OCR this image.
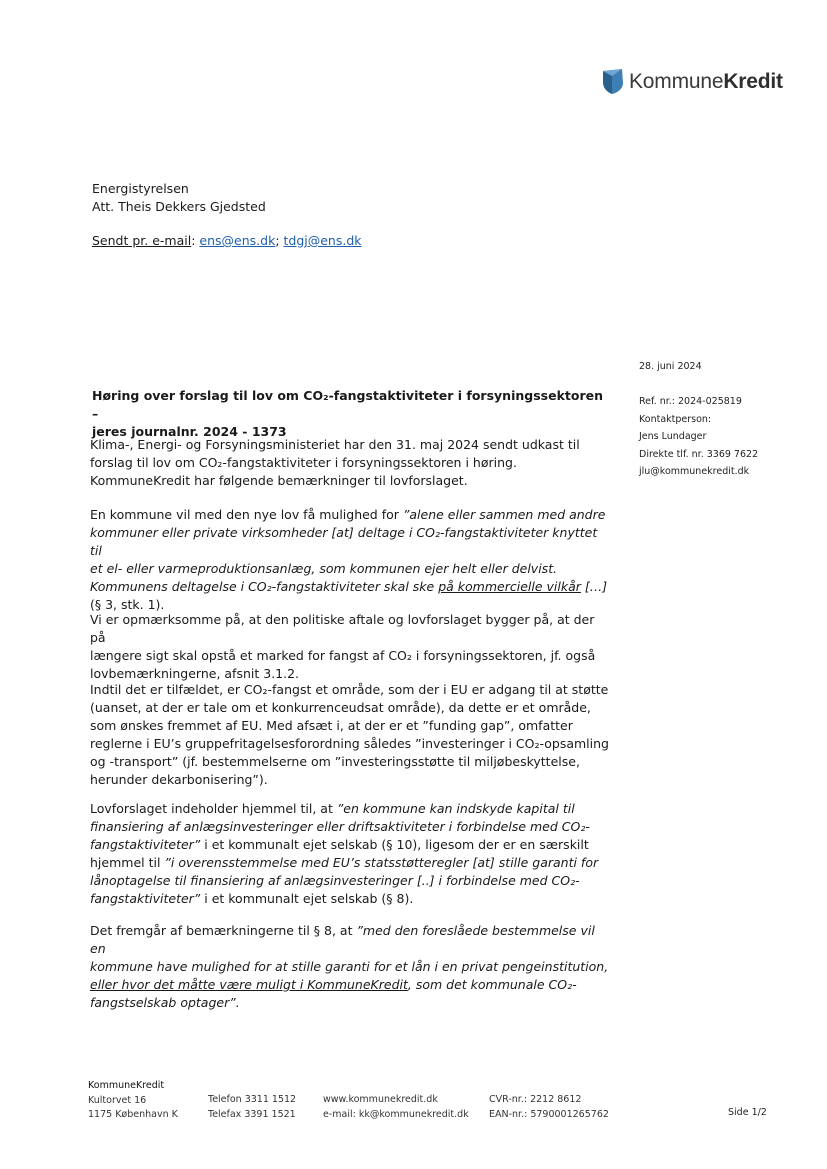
KommuneKredit
Energistyrelsen
Att. Theis Dekkers Gjedsted
Sendt pr. e-mail: ens@ens.dk; tdgj@ens.dk
28. juni 2024
Ref. nr.: 2024-025819
Kontaktperson:
Jens Lundager
Direkte tlf. nr. 3369 7622
jlu@kommunekredit.dk
Høring over forslag til lov om CO₂-fangstaktiviteter i forsyningssektoren –
jeres journalnr. 2024 - 1373

Klima-, Energi- og Forsyningsministeriet har den 31. maj 2024 sendt udkast til

forslag til lov om CO₂-fangstaktiviteter i forsyningssektoren i høring.

KommuneKredit har følgende bemærkninger til lovforslaget.

En kommune vil med den nye lov få mulighed for ”alene eller sammen med andre

kommuner eller private virksomheder [at] deltage i CO₂-fangstaktiviteter knyttet til

et el- eller varmeproduktionsanlæg, som kommunen ejer helt eller delvist.

Kommunens deltagelse i CO₂-fangstaktiviteter skal ske på kommercielle vilkår […]

(§ 3, stk. 1).

Vi er opmærksomme på, at den politiske aftale og lovforslaget bygger på, at der på

længere sigt skal opstå et marked for fangst af CO₂ i forsyningssektoren, jf. også

lovbemærkningerne, afsnit 3.1.2.

Indtil det er tilfældet, er CO₂-fangst et område, som der i EU er adgang til at støtte

(uanset, at der er tale om et konkurrenceudsat område), da dette er et område,

som ønskes fremmet af EU. Med afsæt i, at der er et ”funding gap”, omfatter

reglerne i EU’s gruppefritagelsesforordning således ”investeringer i CO₂-opsamling

og -transport” (jf. bestemmelserne om ”investeringsstøtte til miljøbeskyttelse,

herunder dekarbonisering”).

Lovforslaget indeholder hjemmel til, at ”en kommune kan indskyde kapital til

finansiering af anlægsinvesteringer eller driftsaktiviteter i forbindelse med CO₂-

fangstaktiviteter” i et kommunalt ejet selskab (§ 10), ligesom der er en særskilt

hjemmel til ”i overensstemmelse med EU’s statsstøtteregler [at] stille garanti for

lånoptagelse til finansiering af anlægsinvesteringer [..] i forbindelse med CO₂-

fangstaktiviteter” i et kommunalt ejet selskab (§ 8).

Det fremgår af bemærkningerne til § 8, at ”med den foreslåede bestemmelse vil en

kommune have mulighed for at stille garanti for et lån i en privat pengeinstitution,

eller hvor det måtte være muligt i KommuneKredit, som det kommunale CO₂-

fangstselskab optager”.

KommuneKredit
Kultorvet 16
1175 København K
Telefon 3311 1512
Telefax 3391 1521
www.kommunekredit.dk
e-mail: kk@kommunekredit.dk
CVR-nr.: 2212 8612
EAN-nr.: 5790001265762	Side 1/2
